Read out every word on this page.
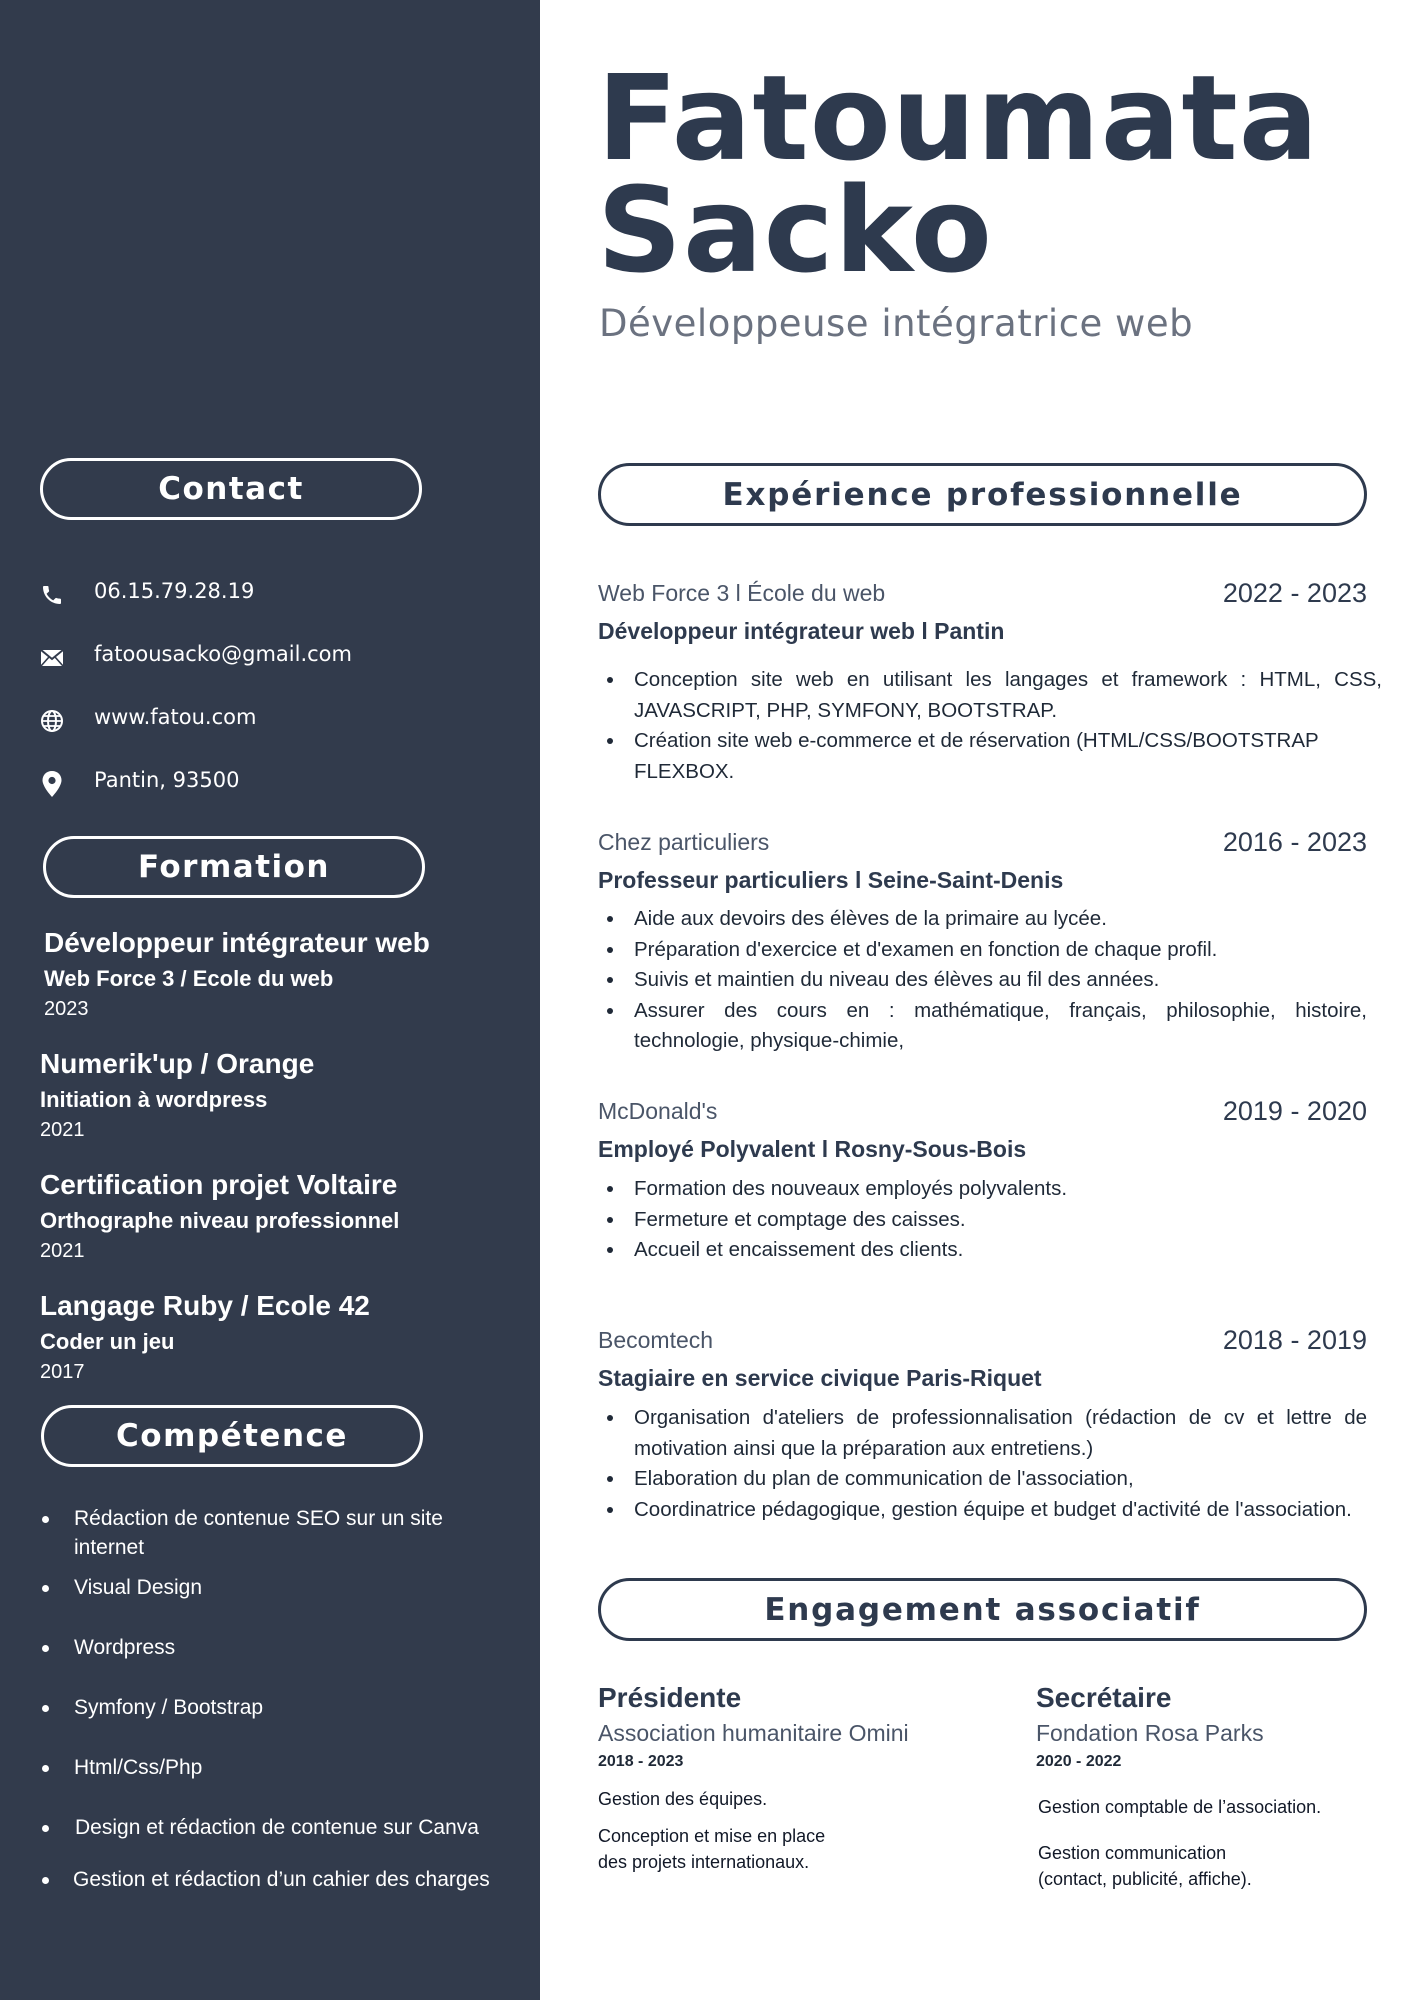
Contact
06.15.79.28.19
fatoousacko@gmail.com
www.fatou.com
Pantin, 93500
Formation
Développeur intégrateur web
Web Force 3 / Ecole du web
2023
Numerik'up / Orange
Initiation à wordpress
2021
Certification projet Voltaire
Orthographe niveau professionnel
2021
Langage Ruby / Ecole 42
Coder un jeu
2017
Compétence
Rédaction de contenue SEO sur un site internet
Visual Design
Wordpress
Symfony / Bootstrap
Html/Css/Php
Design et rédaction de contenue sur Canva
Gestion et rédaction d’un cahier des charges
Fatoumata
Sacko
Développeuse intégratrice web
Expérience professionnelle
Web Force 3 l École du web	2022 - 2023
Développeur intégrateur web l Pantin
Conception site web en utilisant les langages et framework : HTML, CSS, JAVASCRIPT, PHP, SYMFONY, BOOTSTRAP.
Création site web e-commerce et de réservation (HTML/CSS/BOOTSTRAP FLEXBOX.
Chez particuliers	2016 - 2023
Professeur particuliers l Seine-Saint-Denis
Aide aux devoirs des élèves de la primaire au lycée.
Préparation d'exercice et d'examen en fonction de chaque profil.
Suivis et maintien du niveau des élèves au fil des années.
Assurer des cours en : mathématique, français, philosophie, histoire, technologie, physique-chimie,
McDonald's	2019 - 2020
Employé Polyvalent l Rosny-Sous-Bois
Formation des nouveaux employés polyvalents.
Fermeture et comptage des caisses.
Accueil et encaissement des clients.
Becomtech	2018 - 2019
Stagiaire en service civique Paris-Riquet
Organisation d'ateliers de professionnalisation (rédaction de cv et lettre de motivation ainsi que la préparation aux entretiens.)
Elaboration du plan de communication de l'association,
Coordinatrice pédagogique, gestion équipe et budget d'activité de l'association.
Engagement associatif
Présidente
Association humanitaire Omini
2018 - 2023
Gestion des équipes.
Conception et mise en place
des projets internationaux.
Secrétaire
Fondation Rosa Parks
2020 - 2022
Gestion comptable de l’association.
Gestion communication
(contact, publicité, affiche).
